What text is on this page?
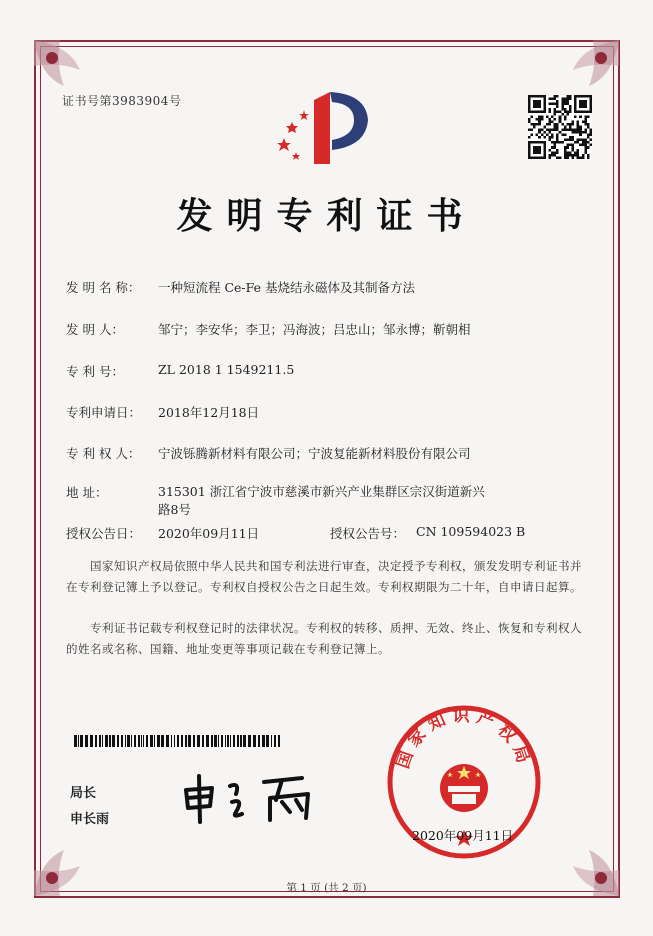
证书号第3983904号
发明专利证书
发 明 名 称：	一种短流程 Ce-Fe 基烧结永磁体及其制备方法
发 明 人：	邹宁；李安华；李卫；冯海波；吕忠山；邹永博；靳朝相
专 利 号：	ZL 2018 1 1549211.5
专利申请日：	2018年12月18日
专 利 权 人：	宁波铄腾新材料有限公司；宁波复能新材料股份有限公司
地 址：	315301 浙江省宁波市慈溪市新兴产业集群区宗汉街道新兴路8号
授权公告日：	2020年09月11日	授权公告号： CN 109594023 B
国家知识产权局依照中华人民共和国专利法进行审查，决定授予专利权，颁发发明专利证书并在专利登记簿上予以登记。专利权自授权公告之日起生效。专利权期限为二十年，自申请日起算。
专利证书记载专利权登记时的法律状况。专利权的转移、质押、无效、终止、恢复和专利权人的姓名或名称、国籍、地址变更等事项记载在专利登记簿上。
局长
申长雨
国家知识产权局
2020年09月11日
第 1 页 (共 2 页)
